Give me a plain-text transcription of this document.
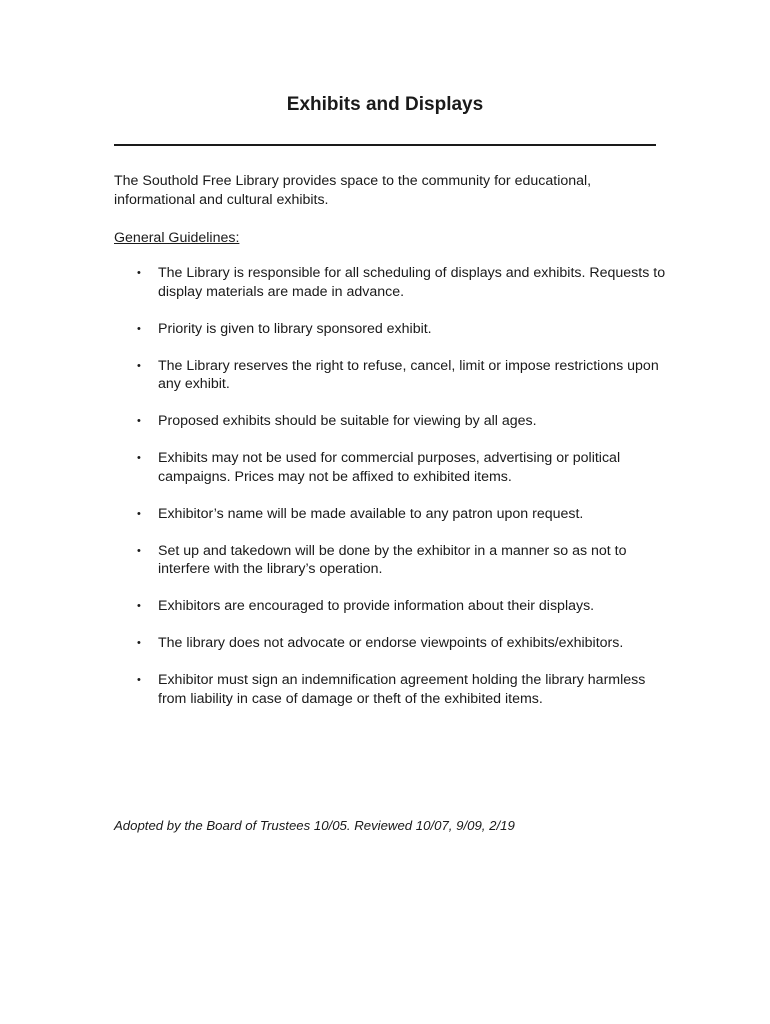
Exhibits and Displays

The Southold Free Library provides space to the community for educational, informational and cultural exhibits.

General Guidelines:

• The Library is responsible for all scheduling of displays and exhibits. Requests to display materials are made in advance.
• Priority is given to library sponsored exhibit.
• The Library reserves the right to refuse, cancel, limit or impose restrictions upon any exhibit.
• Proposed exhibits should be suitable for viewing by all ages.
• Exhibits may not be used for commercial purposes, advertising or political campaigns. Prices may not be affixed to exhibited items.
• Exhibitor’s name will be made available to any patron upon request.
• Set up and takedown will be done by the exhibitor in a manner so as not to interfere with the library’s operation.
• Exhibitors are encouraged to provide information about their displays.
• The library does not advocate or endorse viewpoints of exhibits/exhibitors.
• Exhibitor must sign an indemnification agreement holding the library harmless from liability in case of damage or theft of the exhibited items.

Adopted by the Board of Trustees 10/05. Reviewed 10/07, 9/09, 2/19
